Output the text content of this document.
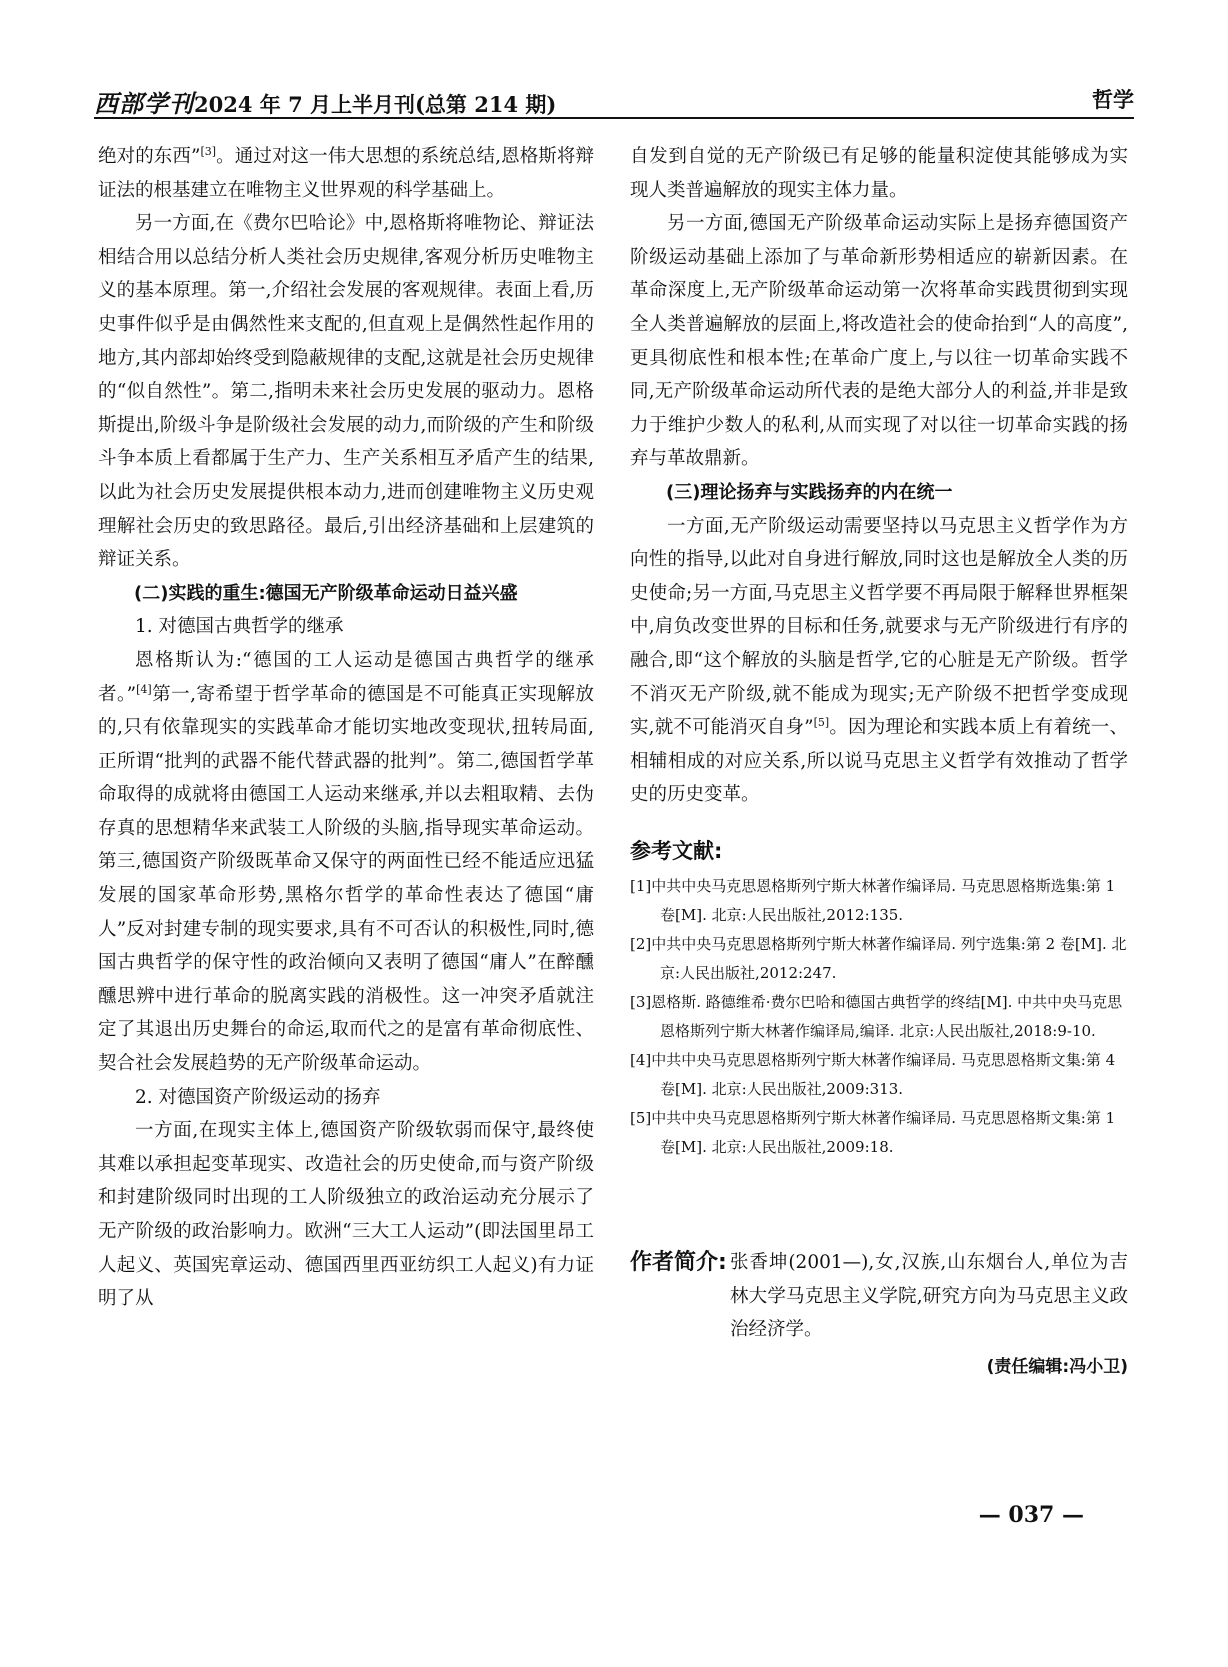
西部学刊2024 年 7 月上半月刊(总第 214 期)	哲学

绝对的东西”[3]。通过对这一伟大思想的系统总结,恩格斯将辩证法的根基建立在唯物主义世界观的科学基础上。

另一方面,在《费尔巴哈论》中,恩格斯将唯物论、辩证法相结合用以总结分析人类社会历史规律,客观分析历史唯物主义的基本原理。第一,介绍社会发展的客观规律。表面上看,历史事件似乎是由偶然性来支配的,但直观上是偶然性起作用的地方,其内部却始终受到隐蔽规律的支配,这就是社会历史规律的“似自然性”。第二,指明未来社会历史发展的驱动力。恩格斯提出,阶级斗争是阶级社会发展的动力,而阶级的产生和阶级斗争本质上看都属于生产力、生产关系相互矛盾产生的结果,以此为社会历史发展提供根本动力,进而创建唯物主义历史观理解社会历史的致思路径。最后,引出经济基础和上层建筑的辩证关系。

(二)实践的重生:德国无产阶级革命运动日益兴盛

1. 对德国古典哲学的继承

恩格斯认为:“德国的工人运动是德国古典哲学的继承者。”[4]第一,寄希望于哲学革命的德国是不可能真正实现解放的,只有依靠现实的实践革命才能切实地改变现状,扭转局面,正所谓“批判的武器不能代替武器的批判”。第二,德国哲学革命取得的成就将由德国工人运动来继承,并以去粗取精、去伪存真的思想精华来武装工人阶级的头脑,指导现实革命运动。第三,德国资产阶级既革命又保守的两面性已经不能适应迅猛发展的国家革命形势,黑格尔哲学的革命性表达了德国“庸人”反对封建专制的现实要求,具有不可否认的积极性,同时,德国古典哲学的保守性的政治倾向又表明了德国“庸人”在醉醺醺思辨中进行革命的脱离实践的消极性。这一冲突矛盾就注定了其退出历史舞台的命运,取而代之的是富有革命彻底性、契合社会发展趋势的无产阶级革命运动。

2. 对德国资产阶级运动的扬弃

一方面,在现实主体上,德国资产阶级软弱而保守,最终使其难以承担起变革现实、改造社会的历史使命,而与资产阶级和封建阶级同时出现的工人阶级独立的政治运动充分展示了无产阶级的政治影响力。欧洲“三大工人运动”(即法国里昂工人起义、英国宪章运动、德国西里西亚纺织工人起义)有力证明了从

自发到自觉的无产阶级已有足够的能量积淀使其能够成为实现人类普遍解放的现实主体力量。

另一方面,德国无产阶级革命运动实际上是扬弃德国资产阶级运动基础上添加了与革命新形势相适应的崭新因素。在革命深度上,无产阶级革命运动第一次将革命实践贯彻到实现全人类普遍解放的层面上,将改造社会的使命抬到“人的高度”,更具彻底性和根本性;在革命广度上,与以往一切革命实践不同,无产阶级革命运动所代表的是绝大部分人的利益,并非是致力于维护少数人的私利,从而实现了对以往一切革命实践的扬弃与革故鼎新。

(三)理论扬弃与实践扬弃的内在统一

一方面,无产阶级运动需要坚持以马克思主义哲学作为方向性的指导,以此对自身进行解放,同时这也是解放全人类的历史使命;另一方面,马克思主义哲学要不再局限于解释世界框架中,肩负改变世界的目标和任务,就要求与无产阶级进行有序的融合,即“这个解放的头脑是哲学,它的心脏是无产阶级。哲学不消灭无产阶级,就不能成为现实;无产阶级不把哲学变成现实,就不可能消灭自身”[5]。因为理论和实践本质上有着统一、相辅相成的对应关系,所以说马克思主义哲学有效推动了哲学史的历史变革。

参考文献:

[1]中共中央马克思恩格斯列宁斯大林著作编译局. 马克思恩格斯选集:第 1 卷[M]. 北京:人民出版社,2012:135.

[2]中共中央马克思恩格斯列宁斯大林著作编译局. 列宁选集:第 2 卷[M]. 北京:人民出版社,2012:247.

[3]恩格斯. 路德维希·费尔巴哈和德国古典哲学的终结[M]. 中共中央马克思恩格斯列宁斯大林著作编译局,编译. 北京:人民出版社,2018:9-10.

[4]中共中央马克思恩格斯列宁斯大林著作编译局. 马克思恩格斯文集:第 4 卷[M]. 北京:人民出版社,2009:313.

[5]中共中央马克思恩格斯列宁斯大林著作编译局. 马克思恩格斯文集:第 1 卷[M]. 北京:人民出版社,2009:18.

作者简介: 张香坤(2001—),女,汉族,山东烟台人,单位为吉林大学马克思主义学院,研究方向为马克思主义政治经济学。
(责任编辑:冯小卫)
— 037 —
